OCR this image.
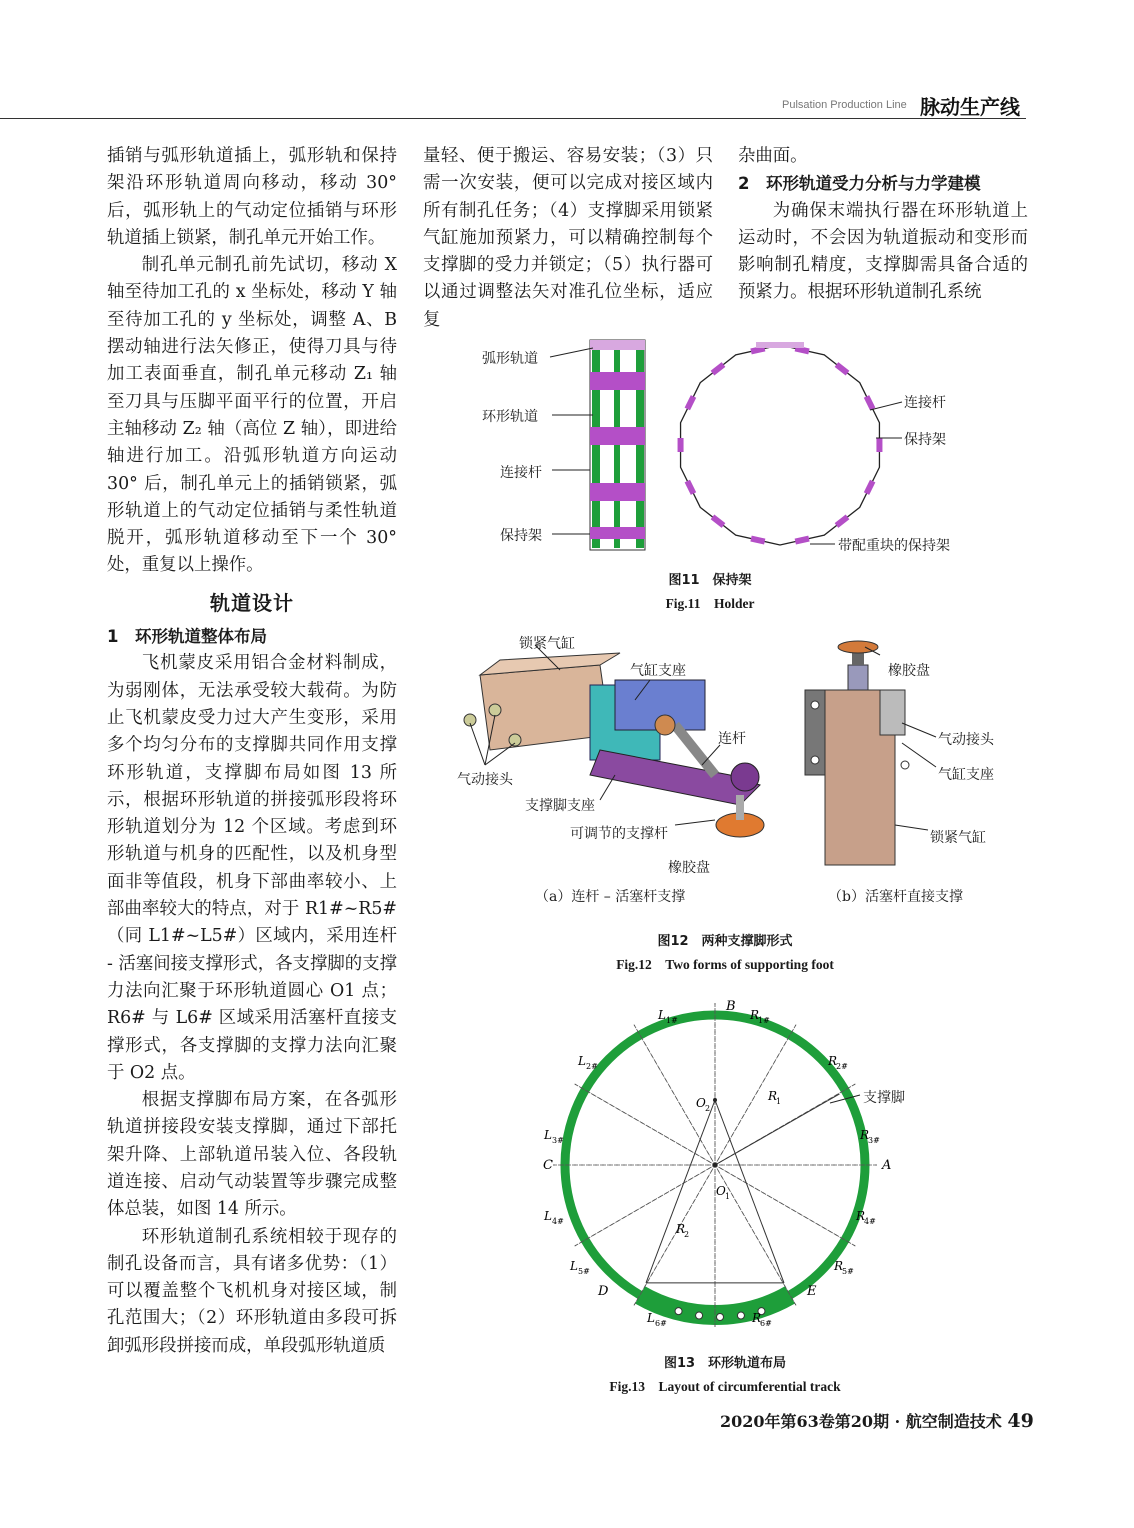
Pulsation Production Line 脉动生产线

插销与弧形轨道插上，弧形轨和保持架沿环形轨道周向移动，移动 30° 后，弧形轨上的气动定位插销与环形轨道插上锁紧，制孔单元开始工作。

制孔单元制孔前先试切，移动 X 轴至待加工孔的 x 坐标处，移动 Y 轴至待加工孔的 y 坐标处，调整 A、B 摆动轴进行法矢修正，使得刀具与待加工表面垂直，制孔单元移动 Z₁ 轴至刀具与压脚平面平行的位置，开启主轴移动 Z₂ 轴（高位 Z 轴），即进给轴进行加工。沿弧形轨道方向运动 30° 后，制孔单元上的插销锁紧，弧形轨道上的气动定位插销与柔性轨道脱开，弧形轨道移动至下一个 30° 处，重复以上操作。

轨道设计
1　环形轨道整体布局

飞机蒙皮采用铝合金材料制成，为弱刚体，无法承受较大载荷。为防止飞机蒙皮受力过大产生变形，采用多个均匀分布的支撑脚共同作用支撑环形轨道，支撑脚布局如图 13 所示，根据环形轨道的拼接弧形段将环形轨道划分为 12 个区域。考虑到环形轨道与机身的匹配性，以及机身型面非等值段，机身下部曲率较小、上部曲率较大的特点，对于 R1#~R5#（同 L1#~L5#）区域内，采用连杆 - 活塞间接支撑形式，各支撑脚的支撑力法向汇聚于环形轨道圆心 O1 点；R6# 与 L6# 区域采用活塞杆直接支撑形式，各支撑脚的支撑力法向汇聚于 O2 点。

根据支撑脚布局方案，在各弧形轨道拼接段安装支撑脚，通过下部托架升降、上部轨道吊装入位、各段轨道连接、启动气动装置等步骤完成整体总装，如图 14 所示。

环形轨道制孔系统相较于现存的制孔设备而言，具有诸多优势：（1）可以覆盖整个飞机机身对接区域，制孔范围大；（2）环形轨道由多段可拆卸弧形段拼接而成，单段弧形轨道质

量轻、便于搬运、容易安装；（3）只需一次安装，便可以完成对接区域内所有制孔任务；（4）支撑脚采用锁紧气缸施加预紧力，可以精确控制每个支撑脚的受力并锁定；（5）执行器可以通过调整法矢对准孔位坐标，适应复

杂曲面。

2　环形轨道受力分析与力学建模

为确保末端执行器在环形轨道上运动时，不会因为轨道振动和变形而影响制孔精度，支撑脚需具备合适的预紧力。根据环形轨道制孔系统

弧形轨道
环形轨道
连接杆
保持架
连接杆
保持架
带配重块的保持架
图11　保持架
Fig.11　Holder
锁紧气缸
气缸支座
连杆
气动接头
支撑脚支座
可调节的支撑杆
橡胶盘
橡胶盘
气动接头
气缸支座
锁紧气缸
（a）连杆 – 活塞杆支撑	（b）活塞杆直接支撑
图12　两种支撑脚形式
Fig.12　Two forms of supporting foot
B
A
C
D	E
O 2
O 1
R
1
R
2
L 1#
L 2#
L 3#
L 4#
L 5#
L 6#
R
1#
R
2#
R
3#
R
4#
R
5#
R
6#
支撑脚
图13　环形轨道布局
Fig.13　Layout of circumferential track
2020年第63卷第20期 · 航空制造技术 49
